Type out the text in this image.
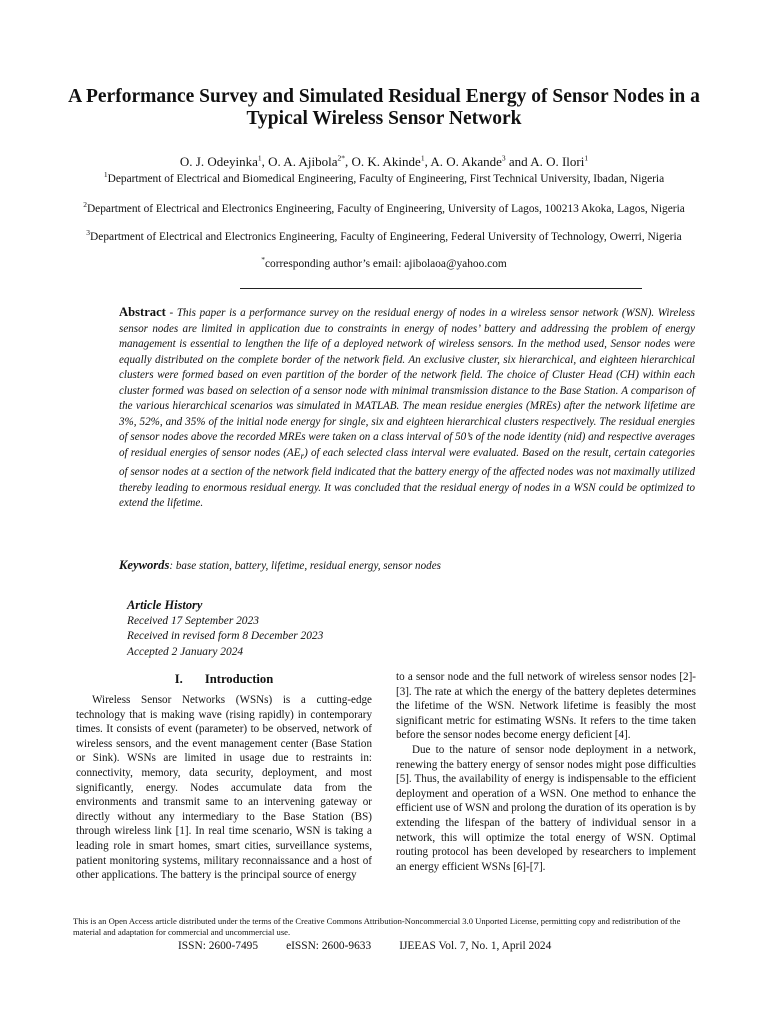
A Performance Survey and Simulated Residual Energy of Sensor Nodes in a Typical Wireless Sensor Network
O. J. Odeyinka$^1$, O. A. Ajibola$^{2*}$, O. K. Akinde$^1$, A. O. Akande$^3$ and A. O. Ilori$^1$
$^1$Department of Electrical and Biomedical Engineering, Faculty of Engineering, First Technical University, Ibadan, Nigeria
$^2$Department of Electrical and Electronics Engineering, Faculty of Engineering, University of Lagos, 100213 Akoka, Lagos, Nigeria
$^3$Department of Electrical and Electronics Engineering, Faculty of Engineering, Federal University of Technology, Owerri, Nigeria
*corresponding author’s email: ajibolaoa@yahoo.com

Abstract - This paper is a performance survey on the residual energy of nodes in a wireless sensor network (WSN). Wireless sensor nodes are limited in application due to constraints in energy of nodes’ battery and addressing the problem of energy management is essential to lengthen the life of a deployed network of wireless sensors. In the method used, Sensor nodes were equally distributed on the complete border of the network field. An exclusive cluster, six hierarchical, and eighteen hierarchical clusters were formed based on even partition of the border of the network field. The choice of Cluster Head (CH) within each cluster formed was based on selection of a sensor node with minimal transmission distance to the Base Station. A comparison of the various hierarchical scenarios was simulated in MATLAB. The mean residue energies (MREs) after the network lifetime are 3%, 52%, and 35% of the initial node energy for single, six and eighteen hierarchical clusters respectively. The residual energies of sensor nodes above the recorded MREs were taken on a class interval of 50’s of the node identity (nid) and respective averages of residual energies of sensor nodes $(AE_r)$ of each selected class interval were evaluated. Based on the result, certain categories of sensor nodes at a section of the network field indicated that the battery energy of the affected nodes was not maximally utilized thereby leading to enormous residual energy. It was concluded that the residual energy of nodes in a WSN could be optimized to extend the lifetime.

Keywords: base station, battery, lifetime, residual energy, sensor nodes
Article History
Received 17 September 2023
Received in revised form 8 December 2023
Accepted 2 January 2024
I. Introduction

Wireless Sensor Networks (WSNs) is a cutting-edge technology that is making wave (rising rapidly) in contemporary times. It consists of event (parameter) to be observed, network of wireless sensors, and the event management center (Base Station or Sink). WSNs are limited in usage due to restraints in: connectivity, memory, data security, deployment, and most significantly, energy. Nodes accumulate data from the environments and transmit same to an intervening gateway or directly without any intermediary to the Base Station (BS) through wireless link [1]. In real time scenario, WSN is taking a leading role in smart homes, smart cities, surveillance systems, patient monitoring systems, military reconnaissance and a host of other applications. The battery is the principal source of energy

to a sensor node and the full network of wireless sensor nodes [2]-[3]. The rate at which the energy of the battery depletes determines the lifetime of the WSN. Network lifetime is feasibly the most significant metric for estimating WSNs. It refers to the time taken before the sensor nodes become energy deficient [4].

Due to the nature of sensor node deployment in a network, renewing the battery energy of sensor nodes might pose difficulties [5]. Thus, the availability of energy is indispensable to the efficient deployment and operation of a WSN. One method to enhance the efficient use of WSN and prolong the duration of its operation is by extending the lifespan of the battery of individual sensor in a network, this will optimize the total energy of WSN. Optimal routing protocol has been developed by researchers to implement an energy efficient WSNs [6]-[7].

This is an Open Access article distributed under the terms of the Creative Commons Attribution-Noncommercial 3.0 Unported License, permitting copy and redistribution of the material and adaptation for commercial and uncommercial use.
ISSN: 2600-7495 eISSN: 2600-9633 IJEEAS Vol. 7, No. 1, April 2024
